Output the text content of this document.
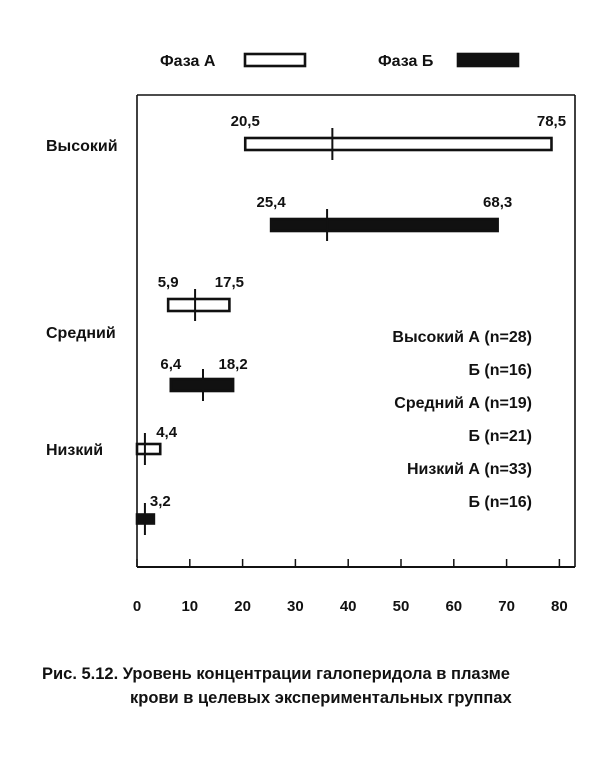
Фаза А	Фаза Б
Высокий
Средний
Низкий
20,5	78,5
25,4	68,3
5,9 17,5
6,4 18,2
4,4
3,2
Высокий А (n=28)
Б (n=16)
Средний А (n=19)
Б (n=21)
Низкий А (n=33)
Б (n=16)
0	10 20 30 40 50 60 70 80
Рис. 5.12. Уровень концентрации галоперидола в плазме
крови в целевых экспериментальных группах
